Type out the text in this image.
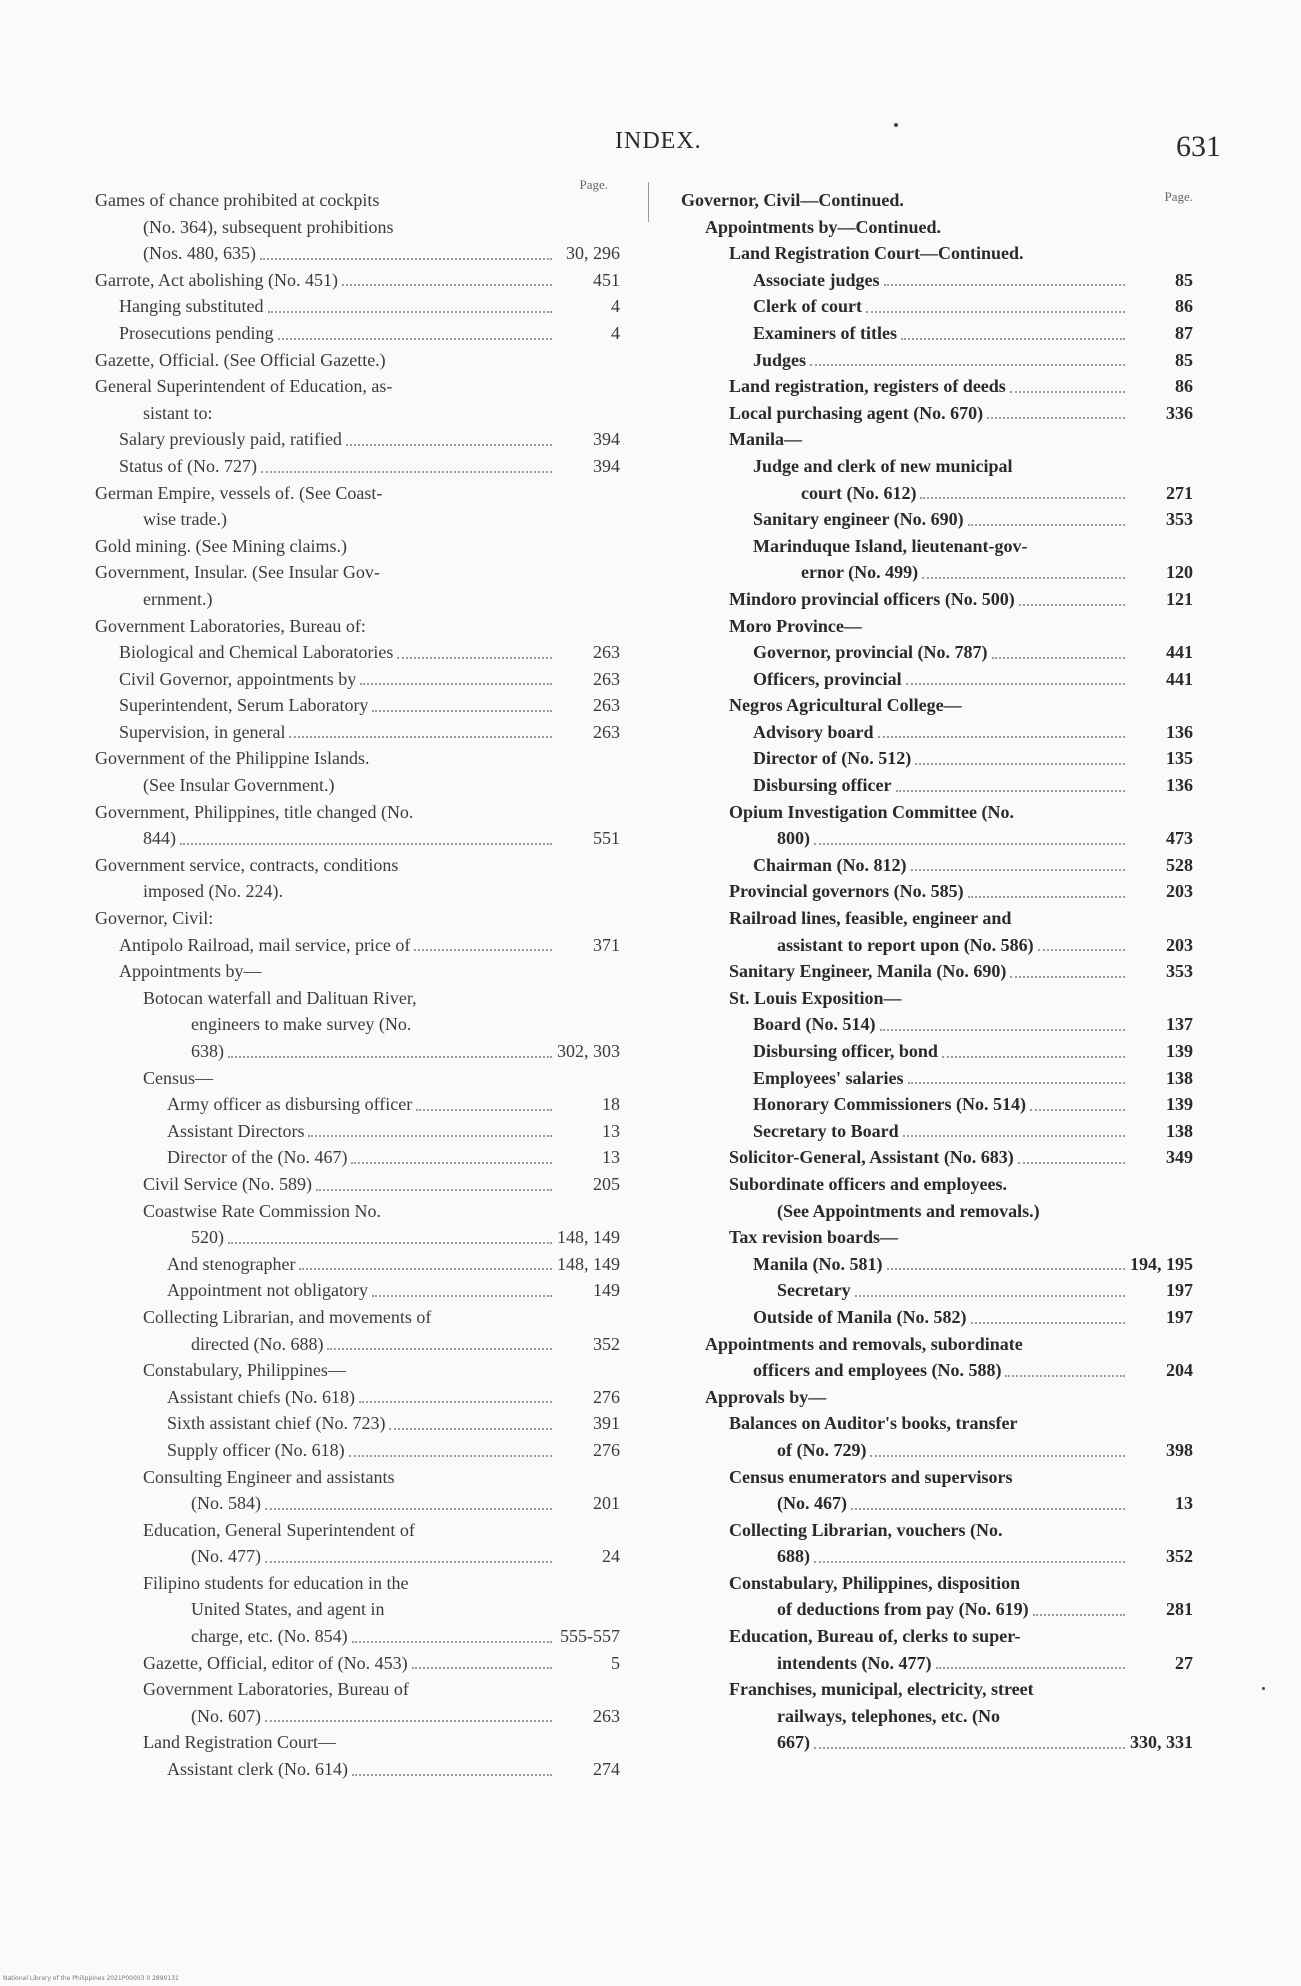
INDEX.	631
Page.
Games of chance prohibited at cockpits
(No. 364), subsequent prohibitions
(Nos. 480, 635)	30, 296
Garrote, Act abolishing (No. 451)	451
Hanging substituted	4
Prosecutions pending	4
Gazette, Official. (See Official Gazette.)
General Superintendent of Education, as-
sistant to:
Salary previously paid, ratified	394
Status of (No. 727)	394
German Empire, vessels of. (See Coast-
wise trade.)
Gold mining. (See Mining claims.)
Government, Insular. (See Insular Gov-
ernment.)
Government Laboratories, Bureau of:
Biological and Chemical Laboratories	263
Civil Governor, appointments by	263
Superintendent, Serum Laboratory	263
Supervision, in general	263
Government of the Philippine Islands.
(See Insular Government.)
Government, Philippines, title changed (No.
844)	551
Government service, contracts, conditions
imposed (No. 224).
Governor, Civil:
Antipolo Railroad, mail service, price of	371
Appointments by—
Botocan waterfall and Dalituan River,
engineers to make survey (No.
638)	302, 303
Census—
Army officer as disbursing officer	18
Assistant Directors	13
Director of the (No. 467)	13
Civil Service (No. 589)	205
Coastwise Rate Commission No.
520)	148, 149
And stenographer	148, 149
Appointment not obligatory	149
Collecting Librarian, and movements of
directed (No. 688)	352
Constabulary, Philippines—
Assistant chiefs (No. 618)	276
Sixth assistant chief (No. 723)	391
Supply officer (No. 618)	276
Consulting Engineer and assistants
(No. 584)	201
Education, General Superintendent of
(No. 477)	24
Filipino students for education in the
United States, and agent in
charge, etc. (No. 854)	555-557
Gazette, Official, editor of (No. 453)	5
Government Laboratories, Bureau of
(No. 607)	263
Land Registration Court—
Assistant clerk (No. 614)	274
Page.
Governor, Civil—Continued.
Appointments by—Continued.
Land Registration Court—Continued.
Associate judges	85
Clerk of court	86
Examiners of titles	87
Judges	85
Land registration, registers of deeds	86
Local purchasing agent (No. 670)	336
Manila—
Judge and clerk of new municipal
court (No. 612)	271
Sanitary engineer (No. 690)	353
Marinduque Island, lieutenant-gov-
ernor (No. 499)	120
Mindoro provincial officers (No. 500)	121
Moro Province—
Governor, provincial (No. 787)	441
Officers, provincial	441
Negros Agricultural College—
Advisory board	136
Director of (No. 512)	135
Disbursing officer	136
Opium Investigation Committee (No.
800)	473
Chairman (No. 812)	528
Provincial governors (No. 585)	203
Railroad lines, feasible, engineer and
assistant to report upon (No. 586)	203
Sanitary Engineer, Manila (No. 690)	353
St. Louis Exposition—
Board (No. 514)	137
Disbursing officer, bond	139
Employees' salaries	138
Honorary Commissioners (No. 514)	139
Secretary to Board	138
Solicitor-General, Assistant (No. 683)	349
Subordinate officers and employees.
(See Appointments and removals.)
Tax revision boards—
Manila (No. 581)	194, 195
Secretary	197
Outside of Manila (No. 582)	197
Appointments and removals, subordinate
officers and employees (No. 588)	204
Approvals by—
Balances on Auditor's books, transfer
of (No. 729)	398
Census enumerators and supervisors
(No. 467)	13
Collecting Librarian, vouchers (No.
688)	352
Constabulary, Philippines, disposition
of deductions from pay (No. 619)	281
Education, Bureau of, clerks to super-
intendents (No. 477)	27
Franchises, municipal, electricity, street
railways, telephones, etc. (No
667)	330, 331
National Library of the Philippines 2021P00003 0 2890131
